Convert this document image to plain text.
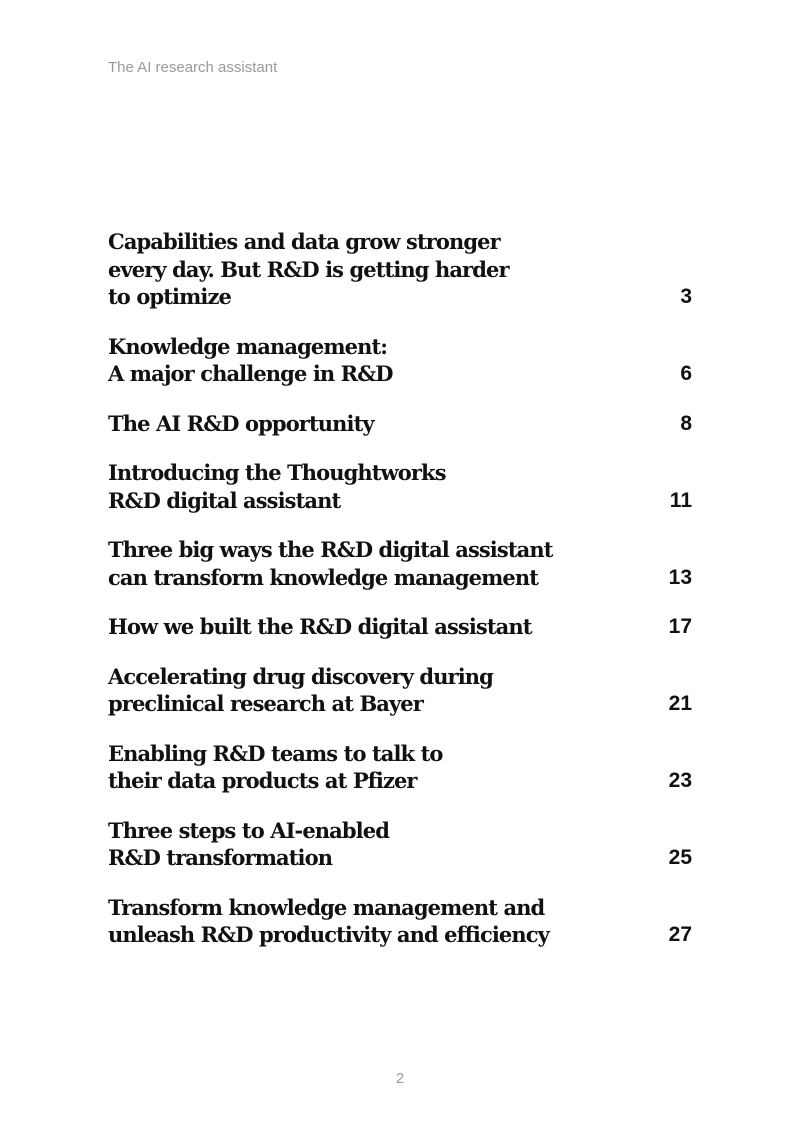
The AI research assistant
Capabilities and data grow stronger
every day. But R&D is getting harder
to optimize	3
Knowledge management:
A major challenge in R&D	6
The AI R&D opportunity	8
Introducing the Thoughtworks
R&D digital assistant	11
Three big ways the R&D digital assistant
can transform knowledge management	13
How we built the R&D digital assistant	17
Accelerating drug discovery during
preclinical research at Bayer	21
Enabling R&D teams to talk to
their data products at Pfizer	23
Three steps to AI-enabled
R&D transformation	25
Transform knowledge management and
unleash R&D productivity and efficiency	27
2
